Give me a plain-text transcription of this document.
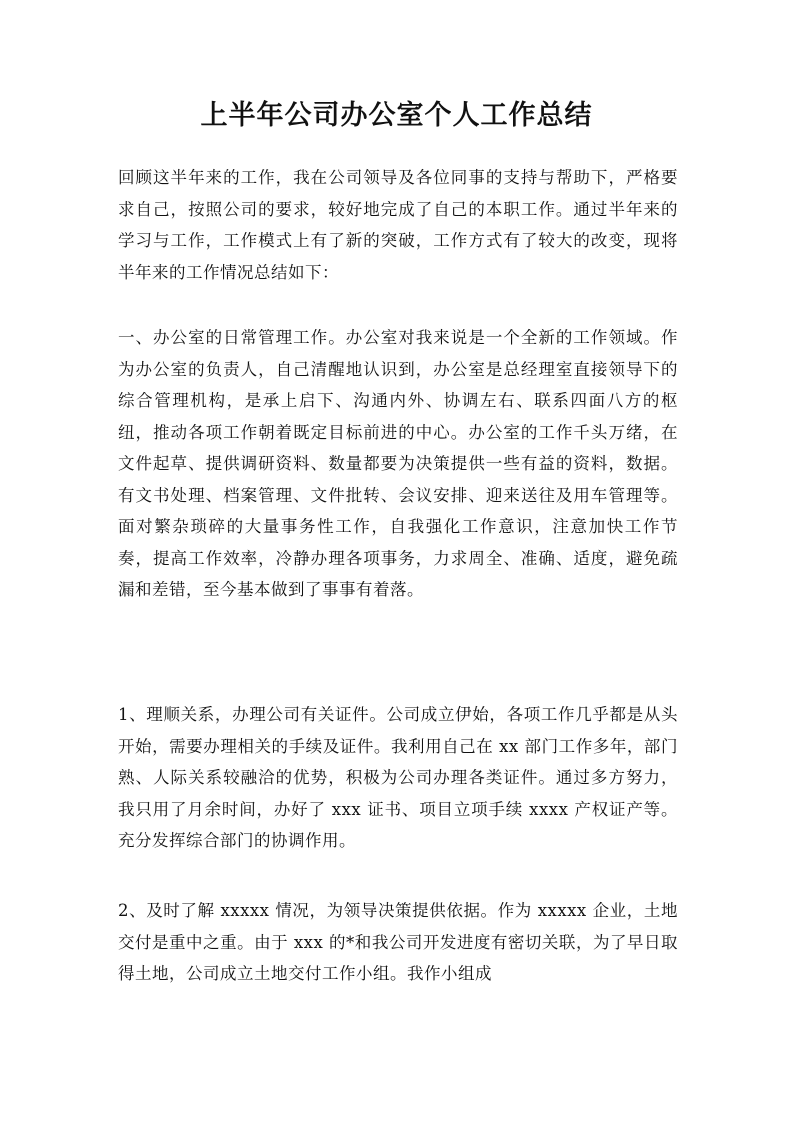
上半年公司办公室个人工作总结

回顾这半年来的工作，我在公司领导及各位同事的支持与帮助下，严格要求自己，按照公司的要求，较好地完成了自己的本职工作。通过半年来的学习与工作，工作模式上有了新的突破，工作方式有了较大的改变，现将半年来的工作情况总结如下：

一、办公室的日常管理工作。办公室对我来说是一个全新的工作领域。作为办公室的负责人，自己清醒地认识到，办公室是总经理室直接领导下的综合管理机构，是承上启下、沟通内外、协调左右、联系四面八方的枢纽，推动各项工作朝着既定目标前进的中心。办公室的工作千头万绪，在文件起草、提供调研资料、数量都要为决策提供一些有益的资料，数据。有文书处理、档案管理、文件批转、会议安排、迎来送往及用车管理等。面对繁杂琐碎的大量事务性工作，自我强化工作意识，注意加快工作节奏，提高工作效率，冷静办理各项事务，力求周全、准确、适度，避免疏漏和差错，至今基本做到了事事有着落。

1、理顺关系，办理公司有关证件。公司成立伊始，各项工作几乎都是从头开始，需要办理相关的手续及证件。我利用自己在 xx 部门工作多年，部门熟、人际关系较融洽的优势，积极为公司办理各类证件。通过多方努力，我只用了月余时间，办好了 xxx 证书、项目立项手续 xxxx 产权证产等。充分发挥综合部门的协调作用。

2、及时了解 xxxxx 情况，为领导决策提供依据。作为 xxxxx 企业，土地交付是重中之重。由于 xxx 的*和我公司开发进度有密切关联，为了早日取得土地，公司成立土地交付工作小组。我作小组成
